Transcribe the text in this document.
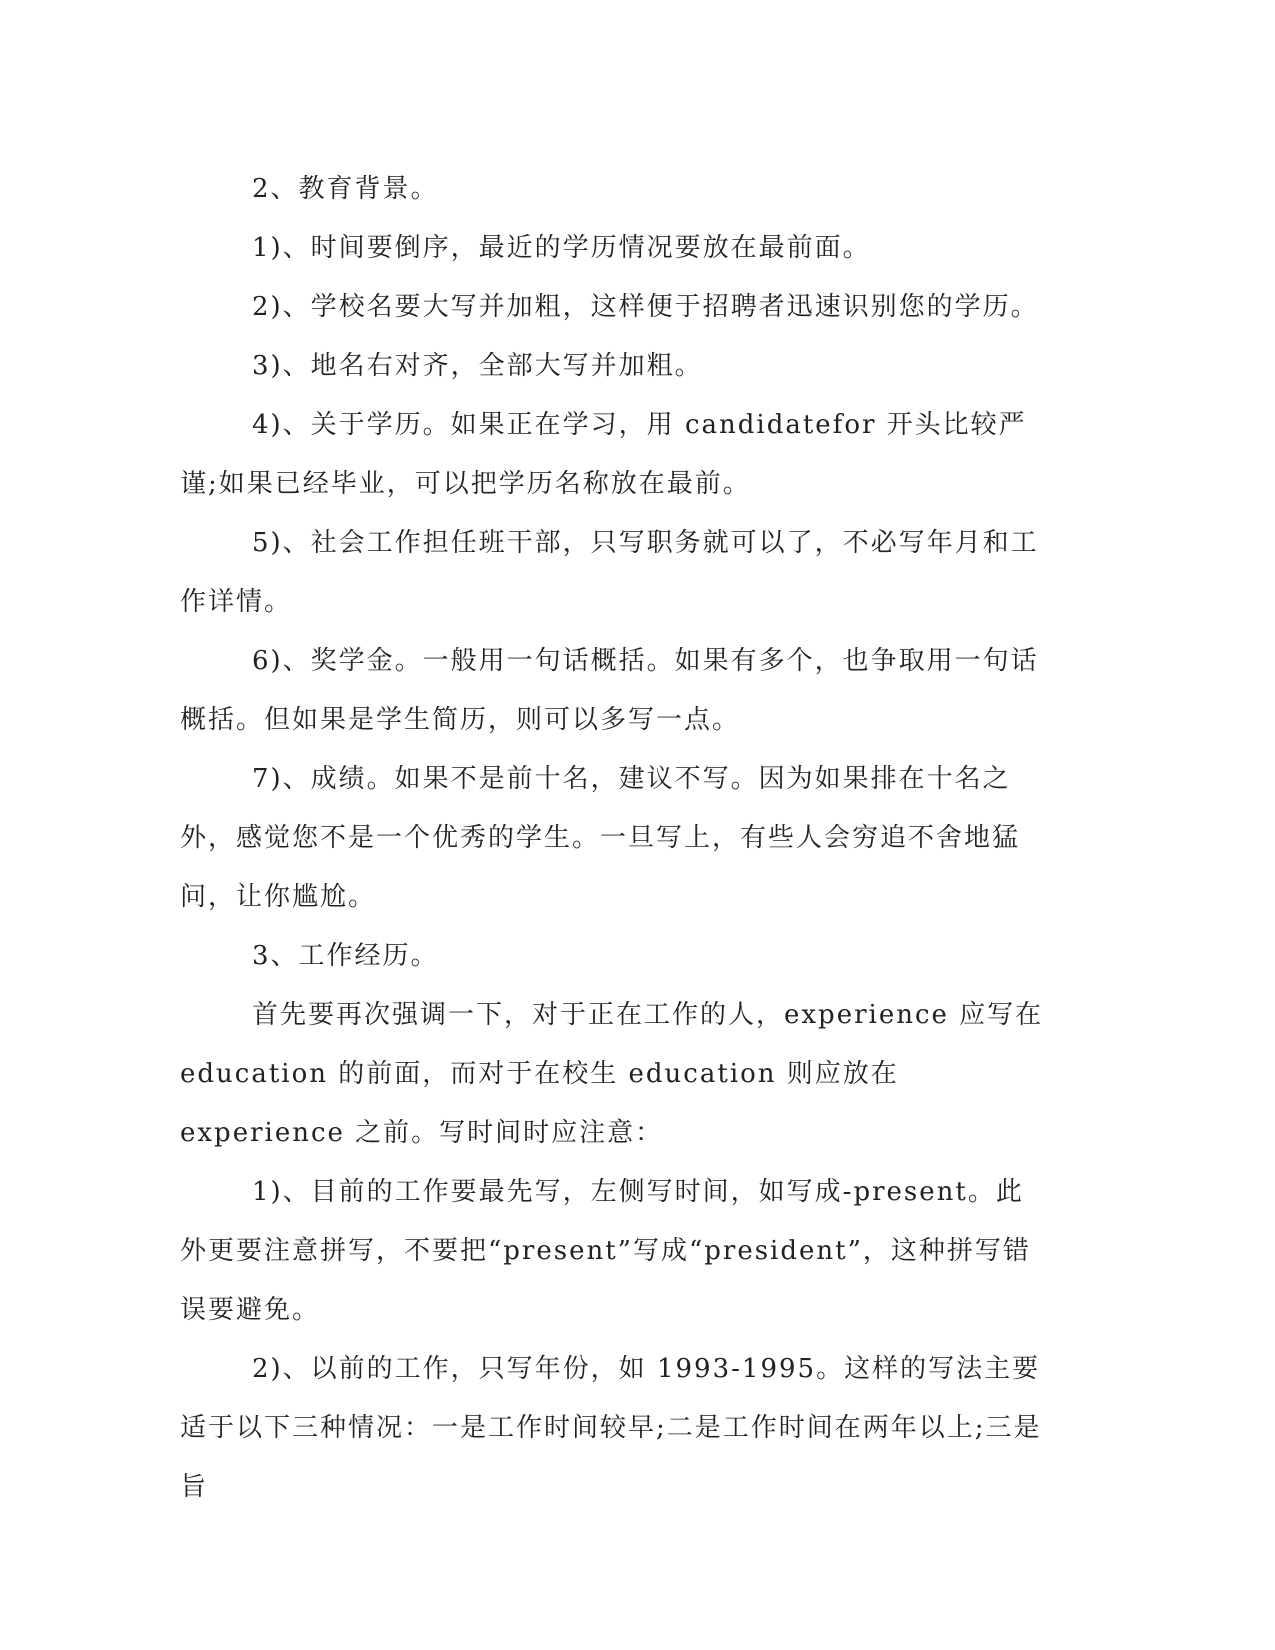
2、教育背景。

1)、时间要倒序，最近的学历情况要放在最前面。

2)、学校名要大写并加粗，这样便于招聘者迅速识别您的学历。

3)、地名右对齐，全部大写并加粗。

4)、关于学历。如果正在学习，用 candidatefor 开头比较严谨;如果已经毕业，可以把学历名称放在最前。

5)、社会工作担任班干部，只写职务就可以了，不必写年月和工作详情。

6)、奖学金。一般用一句话概括。如果有多个，也争取用一句话概括。但如果是学生简历，则可以多写一点。

7)、成绩。如果不是前十名，建议不写。因为如果排在十名之外，感觉您不是一个优秀的学生。一旦写上，有些人会穷追不舍地猛问，让你尴尬。

3、工作经历。

首先要再次强调一下，对于正在工作的人，experience 应写在 education 的前面，而对于在校生 education 则应放在 experience 之前。写时间时应注意：

1)、目前的工作要最先写，左侧写时间，如写成-present。此外更要注意拼写，不要把“present”写成“president”，这种拼写错误要避免。

2)、以前的工作，只写年份，如 1993-1995。这样的写法主要适于以下三种情况：一是工作时间较早;二是工作时间在两年以上;三是旨
